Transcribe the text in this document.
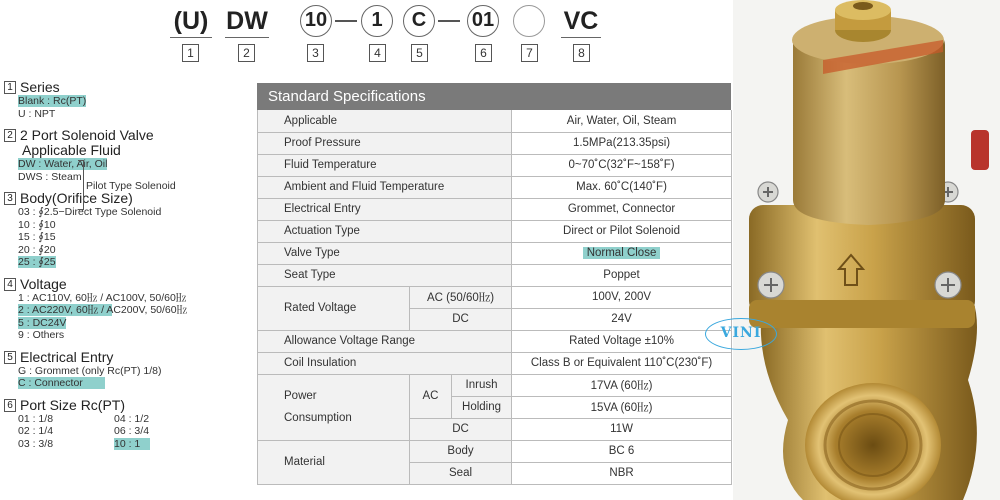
(U) DW 10	1	C	01	VC
1	2	3	4	5	6	7	8
1 Series
Blank : Rc(PT)
U : NPT
2 2 Port Solenoid Valve
Applicable Fluid
DW : Water, Air, Oil
DWS : Steam
3 Body(Orifice Size)
03 : ∮2.5−Direct Type Solenoid
10 : ∮10
15 : ∮15
20 : ∮20
25 : ∮25
4 Voltage
1 : AC110V, 60㎐ / AC100V, 50/60㎐
2 : AC220V, 60㎐ / AC200V, 50/60㎐
5 : DC24V
9 : Others
5 Electrical Entry
G : Grommet (only Rc(PT) 1/8)
C : Connector
6 Port Size Rc(PT)
01 : 1/8
02 : 1/4
03 : 3/8
04 : 1/2
06 : 3/4
10 : 1
Pilot Type Solenoid
Standard Specifications
Applicable			Air, Water, Oil, Steam
Proof Pressure			1.5MPa(213.35psi)
Fluid Temperature			0~70˚C(32˚F~158˚F)
Ambient and Fluid Temperature			Max. 60˚C(140˚F)
Electrical Entry			Grommet, Connector
Actuation Type			Direct or Pilot Solenoid
Valve Type			Normal Close
Seat Type			Poppet
Rated Voltage	AC (50/60㎐)		100V, 200V
	DC		24V
Allowance Voltage Range			Rated Voltage ±10%
Coil Insulation			Class B or Equivalent 110˚C(230˚F)

Power
Consumption	AC	Inrush	17VA (60㎐)
		Holding	15VA (60㎐)
	DC		11W
Material	Body		BC 6
	Seal		NBR
VINI
